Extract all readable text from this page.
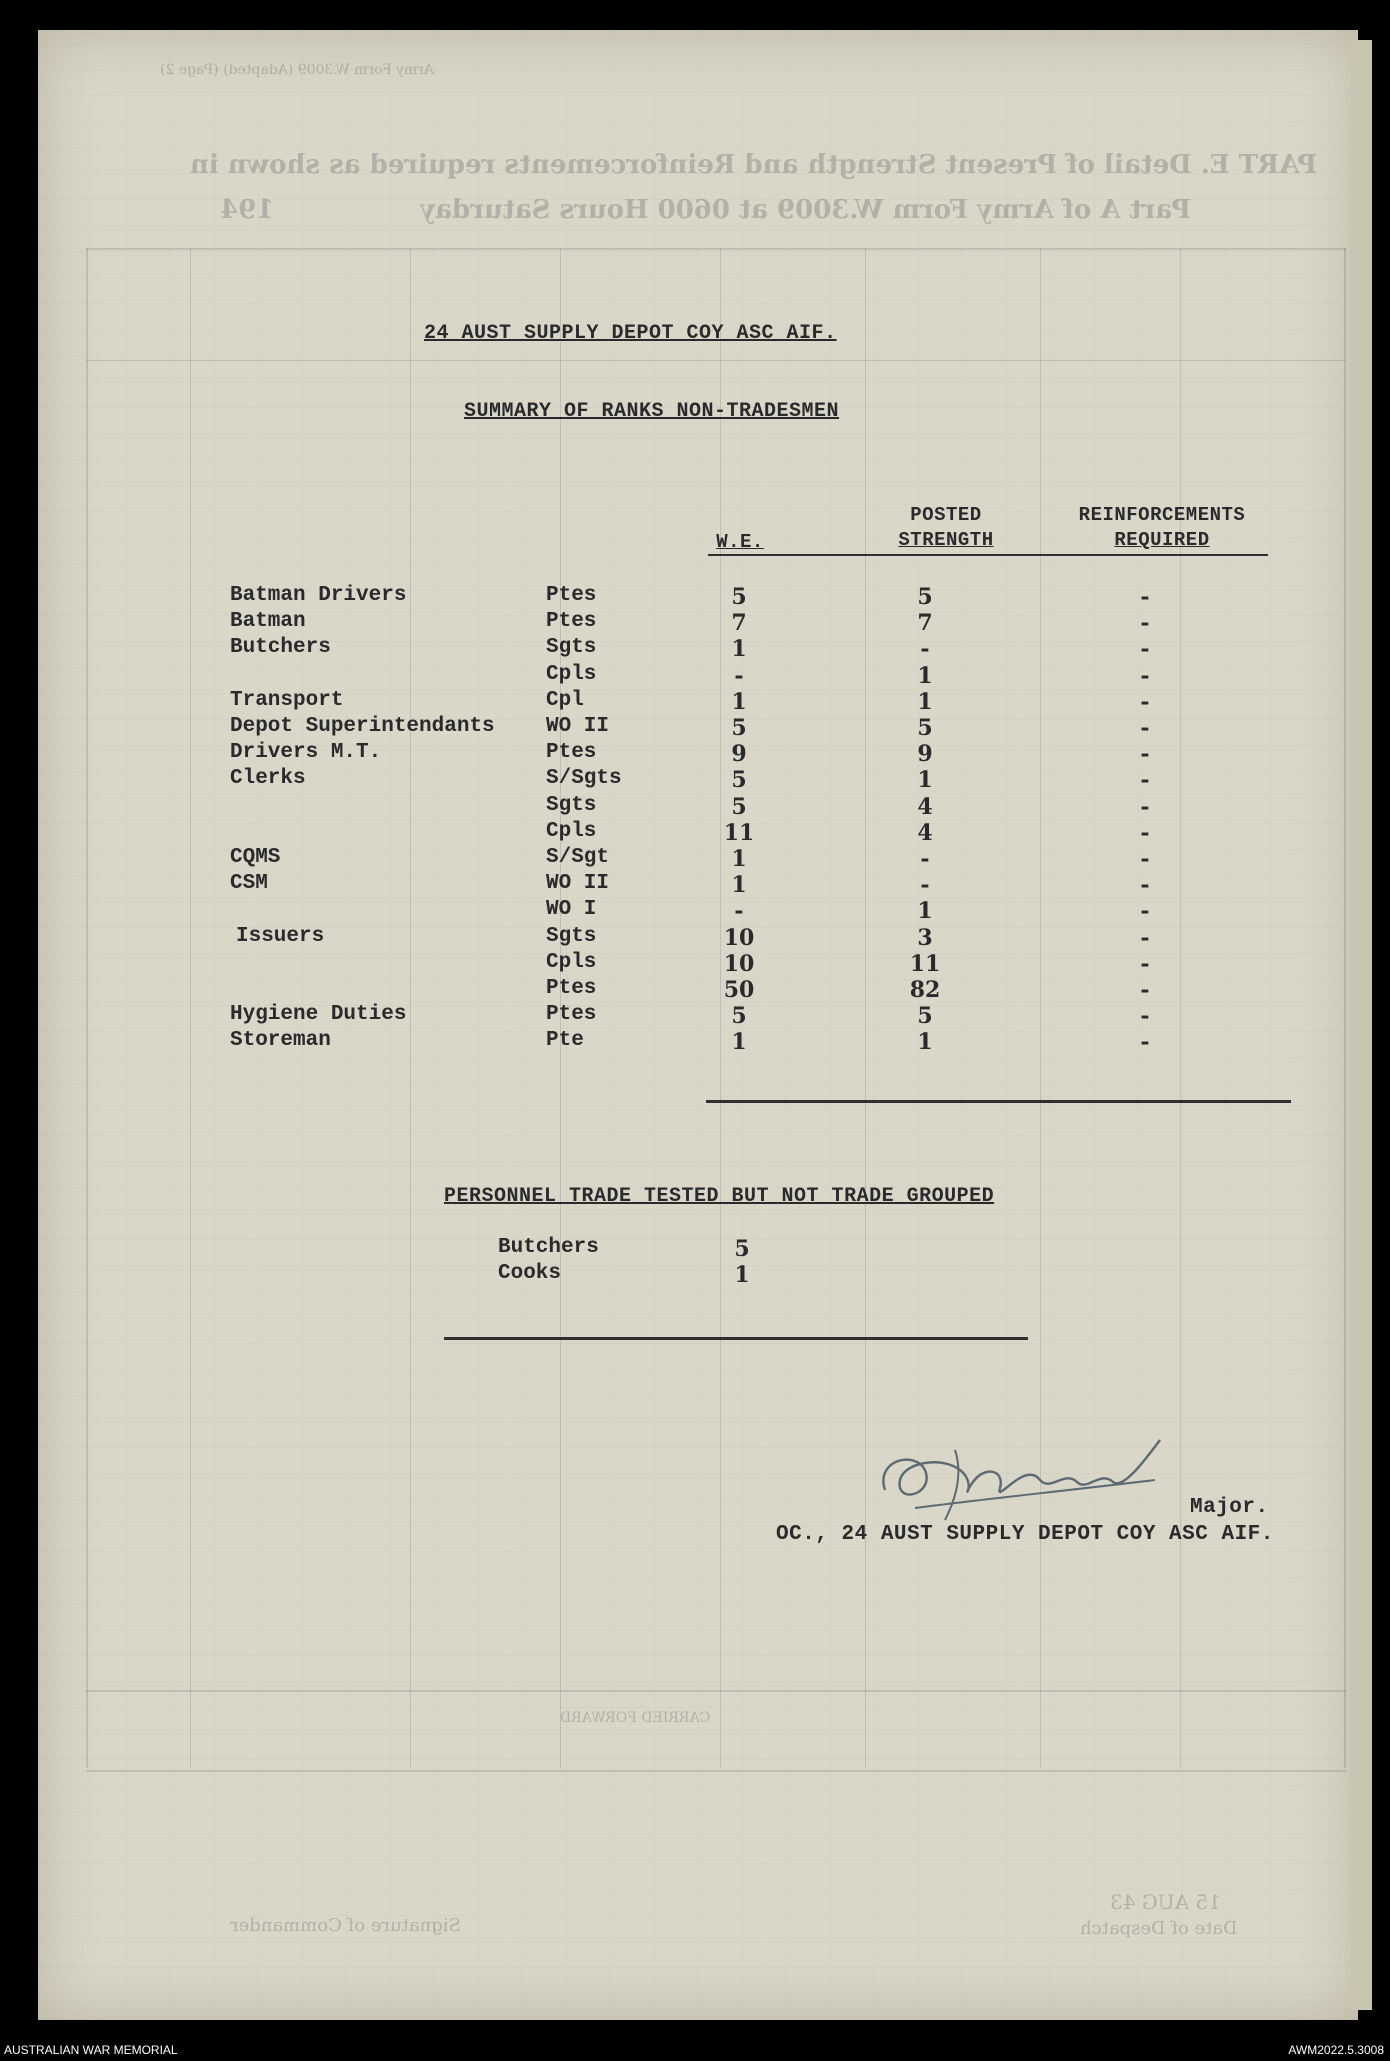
PART E. Detail of Present Strength and Reinforcements required as shown in
Part A of Army Form W.3009 at 0600 Hours Saturday
Army Form W.3009 (Adapted) (Page 2)
194
CARRIED FORWARD
Signature of Commander	Date of Despatch
15 AUG 43
24 AUST SUPPLY DEPOT COY ASC AIF.
SUMMARY OF RANKS NON-TRADESMEN
W.E.
POSTED
STRENGTH
REINFORCEMENTS
REQUIRED
Batman Drivers	Ptes	5	5	-
Batman	Ptes	7	7	-
Butchers	Sgts	1	-	-
Cpls	-	1	-
Transport	Cpl	1	1	-
Depot Superintendants WO II	5	5	-
Drivers M.T.	Ptes	9	9	-
Clerks	S/Sgts	5	1	-
Sgts	5	4	-
Cpls	11	4	-
CQMS	S/Sgt	1	-	-
CSM	WO II	1	-	-
WO I	-	1	-
Issuers	Sgts	10	3	-
Cpls	10	11	-
Ptes	50	82	-
Hygiene Duties	Ptes	5	5	-
Storeman	Pte	1	1	-
PERSONNEL TRADE TESTED BUT NOT TRADE GROUPED
Butchers	5
Cooks	1
Major.
OC., 24 AUST SUPPLY DEPOT COY ASC AIF.
AUSTRALIAN WAR MEMORIAL	AWM2022.5.3008
